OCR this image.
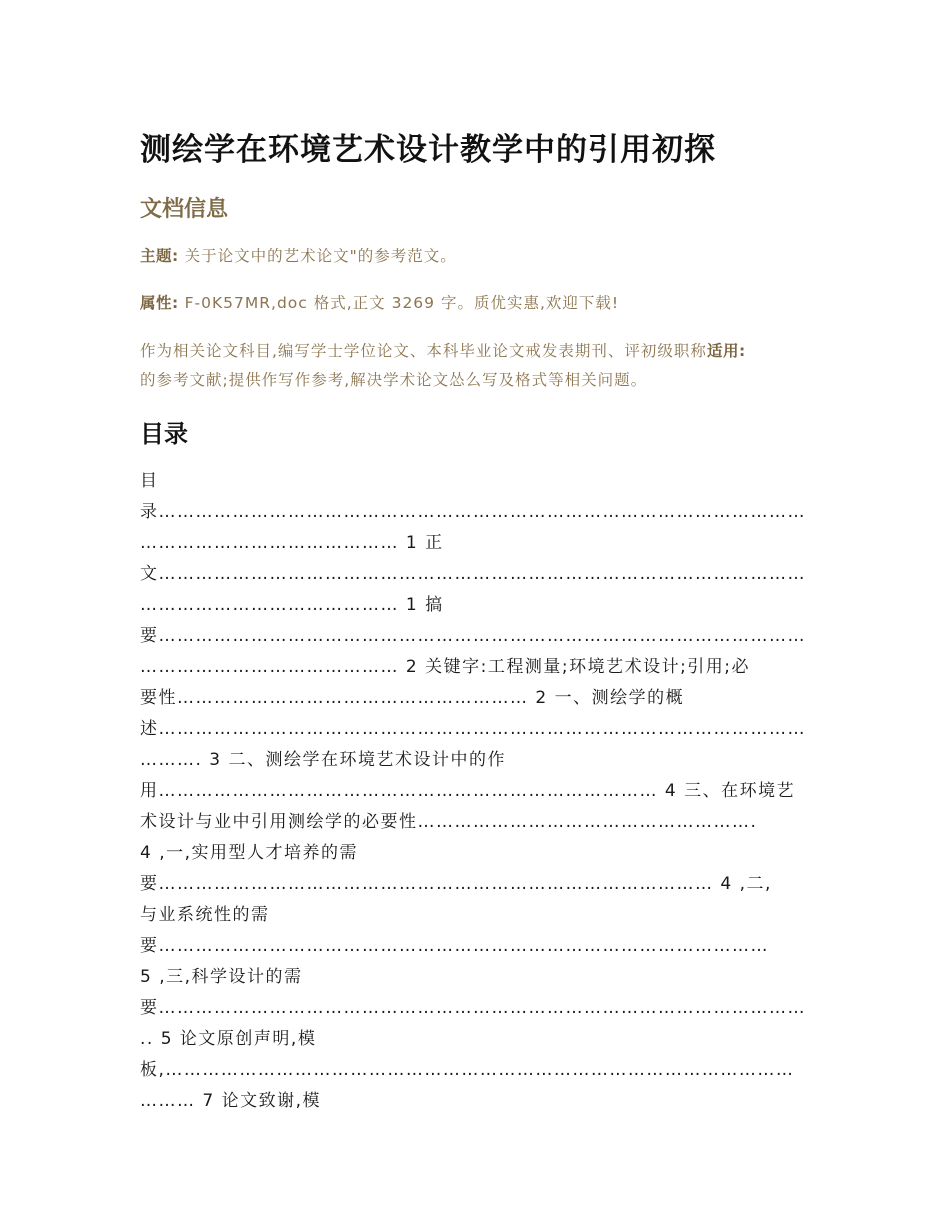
测绘学在环境艺术设计教学中的引用初探
文档信息

主题: 关于论文中的艺术论文"的参考范文。

属性: F-0K57MR,doc 格式,正文 3269 字。质优实惠,欢迎下载!

作为相关论文科目,编写学士学位论文、本科毕业论文戒发表期刊、评初级职称适用:
的参考文献;提供作写作参考,解决学术论文怂么写及格式等相关问题。

目录
目
录……………………………………………………………………………………………
…………………………………… 1 正
文……………………………………………………………………………………………
…………………………………… 1 搞
要……………………………………………………………………………………………
…………………………………… 2 关键字:工程测量;环境艺术设计;引用;必
要性………………………………………………… 2 一、测绘学的概
述……………………………………………………………………………………………
………. 3 二、测绘学在环境艺术设计中的作
用……………………………………………………………………… 4 三、在环境艺
术设计与业中引用测绘学的必要性……………………………………………….
4 ,一,实用型人才培养的需
要……………………………………………………………………………… 4 ,二,
与业系统性的需
要………………………………………………………………………………………
5 ,三,科学设计的需
要……………………………………………………………………………………………
.. 5 论文原创声明,模
板,…………………………………………………………………………………………
……… 7 论文致谢,模
